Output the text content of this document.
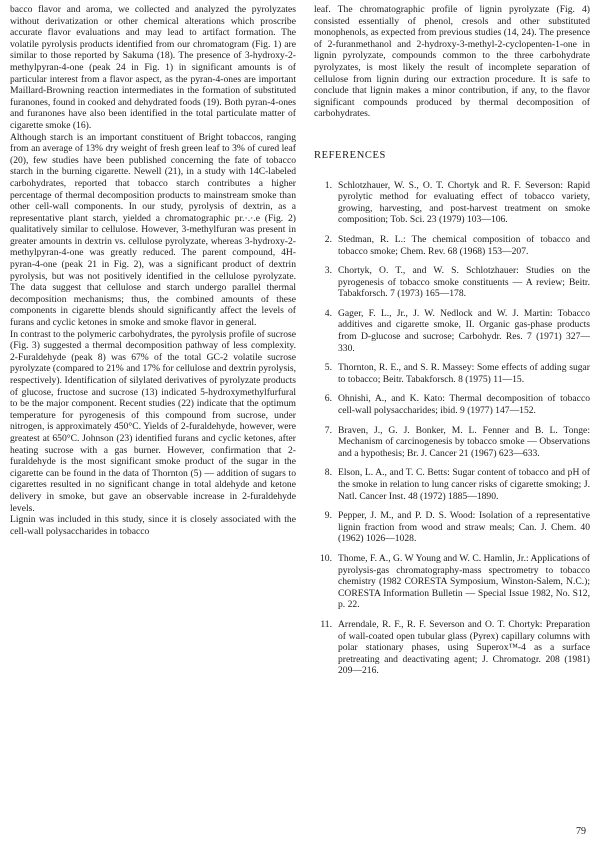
bacco flavor and aroma, we collected and analyzed the pyrolyzates without derivatization or other chemical alterations which proscribe accurate flavor evaluations and may lead to artifact formation. The volatile pyrolysis products identified from our chromatogram (Fig. 1) are similar to those reported by Sakuma (18). The presence of 3-hydroxy-2-methylpyran-4-one (peak 24 in Fig. 1) in significant amounts is of particular interest from a flavor aspect, as the pyran-4-ones are important Maillard-Browning reaction intermediates in the formation of substituted furanones, found in cooked and dehydrated foods (19). Both pyran-4-ones and furanones have also been identified in the total particulate matter of cigarette smoke (16).

Although starch is an important constituent of Bright tobaccos, ranging from an average of 13% dry weight of fresh green leaf to 3% of cured leaf (20), few studies have been published concerning the fate of tobacco starch in the burning cigarette. Newell (21), in a study with 14C-labeled carbohydrates, reported that tobacco starch contributes a higher percentage of thermal decomposition products to mainstream smoke than other cell-wall components. In our study, pyrolysis of dextrin, as a representative plant starch, yielded a chromatographic pr.·.·.e (Fig. 2) qualitatively similar to cellulose. However, 3-methylfuran was present in greater amounts in dextrin vs. cellulose pyrolyzate, whereas 3-hydroxy-2-methylpyran-4-one was greatly reduced. The parent compound, 4H-pyran-4-one (peak 21 in Fig. 2), was a significant product of dextrin pyrolysis, but was not positively identified in the cellulose pyrolyzate. The data suggest that cellulose and starch undergo parallel thermal decomposition mechanisms; thus, the combined amounts of these components in cigarette blends should significantly affect the levels of furans and cyclic ketones in smoke and smoke flavor in general.

In contrast to the polymeric carbohydrates, the pyrolysis profile of sucrose (Fig. 3) suggested a thermal decomposition pathway of less complexity. 2-Furaldehyde (peak 8) was 67% of the total GC-2 volatile sucrose pyrolyzate (compared to 21% and 17% for cellulose and dextrin pyrolysis, respectively). Identification of silylated derivatives of pyrolyzate products of glucose, fructose and sucrose (13) indicated 5-hydroxymethylfurfural to be the major component. Recent studies (22) indicate that the optimum temperature for pyrogenesis of this compound from sucrose, under nitrogen, is approximately 450°C. Yields of 2-furaldehyde, however, were greatest at 650°C. Johnson (23) identified furans and cyclic ketones, after heating sucrose with a gas burner. However, confirmation that 2-furaldehyde is the most significant smoke product of the sugar in the cigarette can be found in the data of Thornton (5) — addition of sugars to cigarettes resulted in no significant change in total aldehyde and ketone delivery in smoke, but gave an observable increase in 2-furaldehyde levels.

Lignin was included in this study, since it is closely associated with the cell-wall polysaccharides in tobacco

leaf. The chromatographic profile of lignin pyrolyzate (Fig. 4) consisted essentially of phenol, cresols and other substituted monophenols, as expected from previous studies (14, 24). The presence of 2-furanmethanol and 2-hydroxy-3-methyl-2-cyclopenten-1-one in lignin pyrolyzate, compounds common to the three carbohydrate pyrolyzates, is most likely the result of incomplete separation of cellulose from lignin during our extraction procedure. It is safe to conclude that lignin makes a minor contribution, if any, to the flavor significant compounds produced by thermal decomposition of carbohydrates.

REFERENCES
1. Schlotzhauer, W. S., O. T. Chortyk and R. F. Severson: Rapid pyrolytic method for evaluating effect of tobacco variety, growing, harvesting, and post-harvest treatment on smoke composition; Tob. Sci. 23 (1979) 103—106.
2. Stedman, R. L.: The chemical composition of tobacco and tobacco smoke; Chem. Rev. 68 (1968) 153—207.
3. Chortyk, O. T., and W. S. Schlotzhauer: Studies on the pyrogenesis of tobacco smoke constituents — A review; Beitr. Tabakforsch. 7 (1973) 165—178.
4. Gager, F. L., Jr., J. W. Nedlock and W. J. Martin: Tobacco additives and cigarette smoke, II. Organic gas-phase products from D-glucose and sucrose; Carbohydr. Res. 7 (1971) 327—330.
5. Thornton, R. E., and S. R. Massey: Some effects of adding sugar to tobacco; Beitr. Tabakforsch. 8 (1975) 11—15.
6. Ohnishi, A., and K. Kato: Thermal decomposition of tobacco cell-wall polysaccharides; ibid. 9 (1977) 147—152.
7. Braven, J., G. J. Bonker, M. L. Fenner and B. L. Tonge: Mechanism of carcinogenesis by tobacco smoke — Observations and a hypothesis; Br. J. Cancer 21 (1967) 623—633.
8. Elson, L. A., and T. C. Betts: Sugar content of tobacco and pH of the smoke in relation to lung cancer risks of cigarette smoking; J. Natl. Cancer Inst. 48 (1972) 1885—1890.
9. Pepper, J. M., and P. D. S. Wood: Isolation of a representative lignin fraction from wood and straw meals; Can. J. Chem. 40 (1962) 1026—1028.
10. Thome, F. A., G. W Young and W. C. Hamlin, Jr.: Applications of pyrolysis-gas chromatography-mass spectrometry to tobacco chemistry (1982 CORESTA Symposium, Winston-Salem, N.C.); CORESTA Information Bulletin — Special Issue 1982, No. S12, p. 22.
11. Arrendale, R. F., R. F. Severson and O. T. Chortyk: Preparation of wall-coated open tubular glass (Pyrex) capillary columns with polar stationary phases, using Superox™-4 as a surface pretreating and deactivating agent; J. Chromatogr. 208 (1981) 209—216.
79
